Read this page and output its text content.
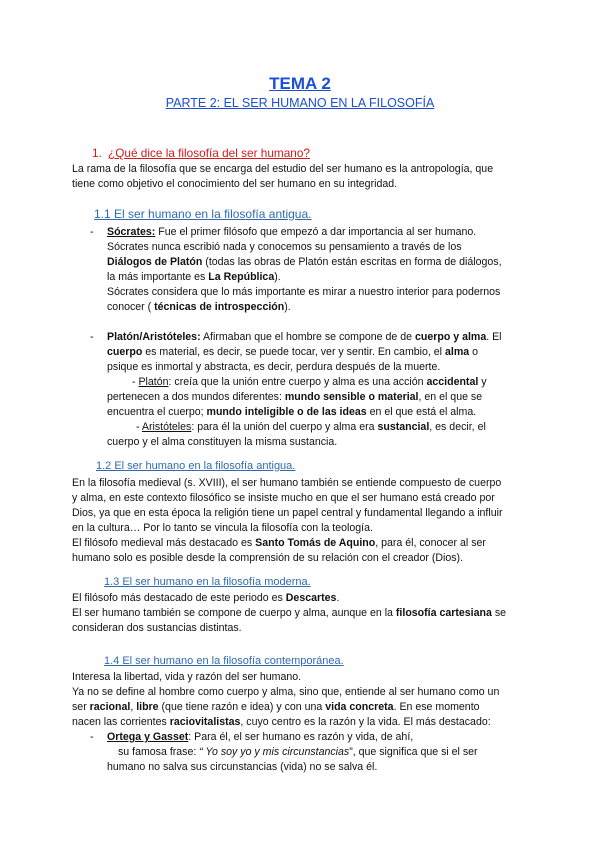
TEMA 2
PARTE 2: EL SER HUMANO EN LA FILOSOFÍA
1. ¿Qué dice la filosofía del ser humano?
La rama de la filosofía que se encarga del estudio del ser humano es la antropología, que
tiene como objetivo el conocimiento del ser humano en su integridad.
1.1 El ser humano en la filosofía antigua.
- Sócrates: Fue el primer filósofo que empezó a dar importancia al ser humano.
Sócrates nunca escribió nada y conocemos su pensamiento a través de los
Diálogos de Platón (todas las obras de Platón están escritas en forma de diálogos,
la más importante es La República).
Sócrates considera que lo más importante es mirar a nuestro interior para podernos
conocer ( técnicas de introspección).
- Platón/Aristóteles: Afirmaban que el hombre se compone de de cuerpo y alma. El
cuerpo es material, es decir, se puede tocar, ver y sentir. En cambio, el alma o
psique es inmortal y abstracta, es decir, perdura después de la muerte.
- Platón: creía que la unión entre cuerpo y alma es una acción accidental y
pertenecen a dos mundos diferentes: mundo sensible o material, en el que se
encuentra el cuerpo; mundo inteligible o de las ideas en el que está el alma.
- Aristóteles: para él la unión del cuerpo y alma era sustancial, es decir, el
cuerpo y el alma constituyen la misma sustancia.
1.2 El ser humano en la filosofía antigua.
En la filosofía medieval (s. XVIII), el ser humano también se entiende compuesto de cuerpo
y alma, en este contexto filosófico se insiste mucho en que el ser humano está creado por
Dios, ya que en esta época la religión tiene un papel central y fundamental llegando a influir
en la cultura… Por lo tanto se vincula la filosofía con la teología.
El filósofo medieval más destacado es Santo Tomás de Aquino, para él, conocer al ser
humano solo es posible desde la comprensión de su relación con el creador (Dios).
1.3 El ser humano en la filosofía moderna.
El filósofo más destacado de este periodo es Descartes.
El ser humano también se compone de cuerpo y alma, aunque en la filosofía cartesiana se
consideran dos sustancias distintas.
1.4 El ser humano en la filosofía contemporánea.
Interesa la libertad, vida y razón del ser humano.
Ya no se define al hombre como cuerpo y alma, sino que, entiende al ser humano como un
ser racional, libre (que tiene razón e idea) y con una vida concreta. En ese momento
nacen las corrientes raciovitalistas, cuyo centro es la razón y la vida. El más destacado:
- Ortega y Gasset: Para él, el ser humano es razón y vida, de ahí,
su famosa frase: “ Yo soy yo y mis circunstancias”, que significa que si el ser
humano no salva sus circunstancias (vida) no se salva él.
